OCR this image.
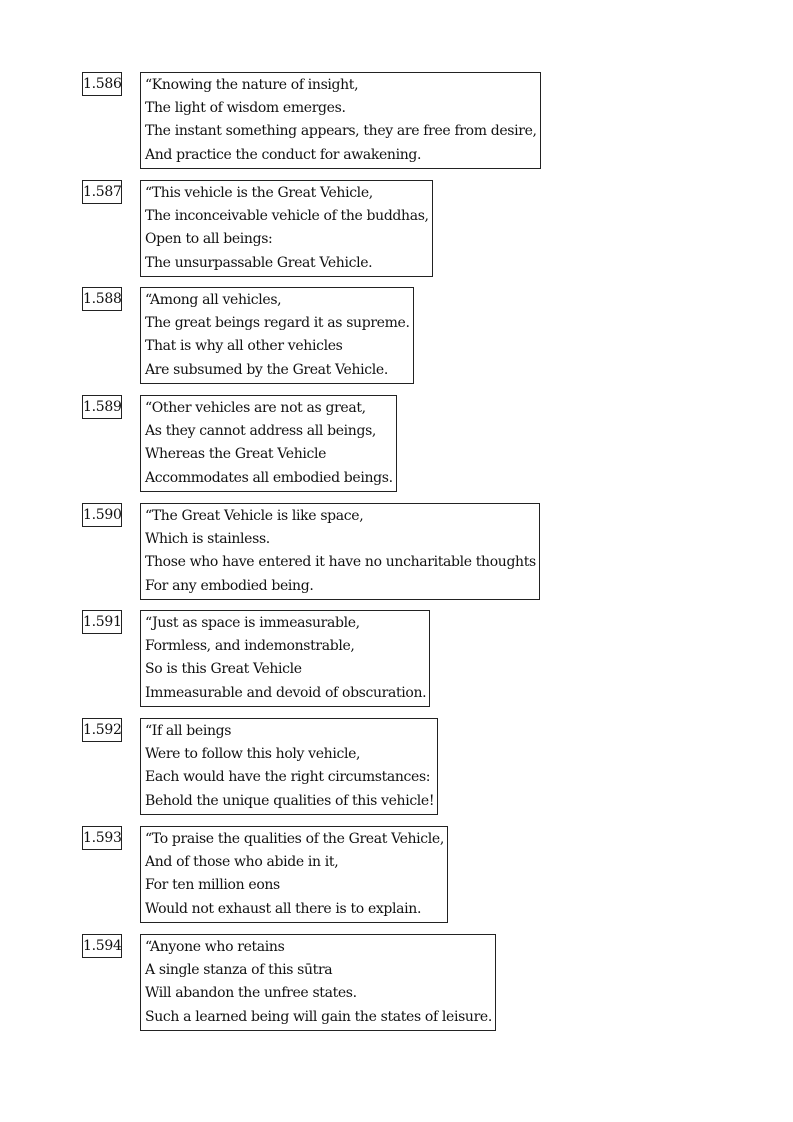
1.586 “Knowing the nature of insight,
The light of wisdom emerges.
The instant something appears, they are free from desire,
And practice the conduct for awakening.
1.587 “This vehicle is the Great Vehicle,
The inconceivable vehicle of the buddhas,
Open to all beings:
The unsurpassable Great Vehicle.
1.588 “Among all vehicles,
The great beings regard it as supreme.
That is why all other vehicles
Are subsumed by the Great Vehicle.
1.589 “Other vehicles are not as great,
As they cannot address all beings,
Whereas the Great Vehicle
Accommodates all embodied beings.
1.590 “The Great Vehicle is like space,
Which is stainless.
Those who have entered it have no uncharitable thoughts
For any embodied being.
1.591 “Just as space is immeasurable,
Formless, and indemonstrable,
So is this Great Vehicle
Immeasurable and devoid of obscuration.
1.592 “If all beings
Were to follow this holy vehicle,
Each would have the right circumstances:
Behold the unique qualities of this vehicle!
1.593 “To praise the qualities of the Great Vehicle,
And of those who abide in it,
For ten million eons
Would not exhaust all there is to explain.
1.594 “Anyone who retains
A single stanza of this sūtra
Will abandon the unfree states.
Such a learned being will gain the states of leisure.
